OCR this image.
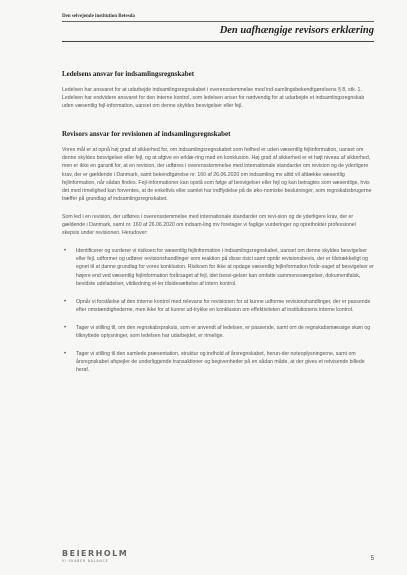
Den selvejende institution Betesda
Den uafhængige revisors erklæring
Ledelsens ansvar for indsamlingsregnskabet

Ledelsen har ansvaret for at udarbejde indsamlingsregnskabet i overensstemmelse med ind-samlingsbekendtgørelsens § 8, stk. 1. Ledelsen har endvidere ansvaret for den interne kontrol, som ledelsen anser for nødvendig for at udarbejde et indsamlingsregnskab uden væsentlig fejl-information, uanset om denne skyldes besvigelser eller fejl.

Revisors ansvar for revisionen af indsamlingsregnskabet

Vores mål er at opnå høj grad af sikkerhed for, om indsamlingsregnskabet som helhed er uden væsentlig fejlinformation, uanset om denne skyldes besvigelser eller fejl, og at afgive en erklæ-ring med en konklusion. Høj grad af sikkerhed er et højt niveau af sikkerhed, men er ikke en garanti for, at en revision, der udføres i overensstemmelse med internationale standarder om revision og de yderligere krav, der er gældende i Danmark, samt bekendtgørelse nr. 160 af 26.06.2020 om indsamling mv altid vil afdække væsentlig fejlinformation, når sådan findes. Fejl-informationer kan opstå som følge af besvigelser eller fejl og kan betragtes som væsentlige, hvis det med rimelighed kan forventes, at de enkeltvis eller samlet har indflydelse på de øko-nomiske beslutninger, som regnskabsbrugerne træffer på grundlag af indsamlingsregnskabet.

Som led i en revision, der udføres i overensstemmelse med internationale standarder om revi-sion og de yderligere krav, der er gældende i Danmark, samt nr. 160 af 26.06.2020 om indsam-ling mv foretager vi faglige vurderinger og opretholder professionel skepsis under revisionen. Herudover:

• Identificerer og vurderer vi risikoen for væsentlig fejlinformation i indsamlingsregnskabet, uanset om denne skyldes besvigelser eller fejl, udformer og udfører revisionshandlinger som reaktion på disse risici samt opnår revisionsbevis, der er tilstrækkeligt og egnet til at danne grundlag for vores konklusion. Risikoen for ikke at opdage væsentlig fejlinformation forår-saget af besvigelser er højere end ved væsentlig fejlinformation forårsaget af fejl, idet besvi-gelser kan omfatte sammensværgelser, dokumentfalsk, bevidste udeladelser, vildledning el-ler tilsidesættelse af intern kontrol.
• Opnår vi forståelse af den interne kontrol med relevans for revisionen for at kunne udforme revisionshandlinger, der er passende efter omstændighederne, men ikke for at kunne ud-trykke en konklusion om effektiviteten af institutionens interne kontrol.
• Tager vi stilling til, om den regnskabspraksis, som er anvendt af ledelsen, er passende, samt om de regnskabsmæssige skøn og tilknyttede oplysninger, som ledelsen har udarbejdet, er rimelige.
• Tager vi stilling til den samlede præsentation, struktur og indhold af årsregnskabet, herun-der noteoplysningerne, samt om årsregnskabet afspejler de underliggende transaktioner og begivenheder på en sådan måde, at der gives et retvisende billede heraf.
BEIERHOLM
VI SKABER BALANCE	5
